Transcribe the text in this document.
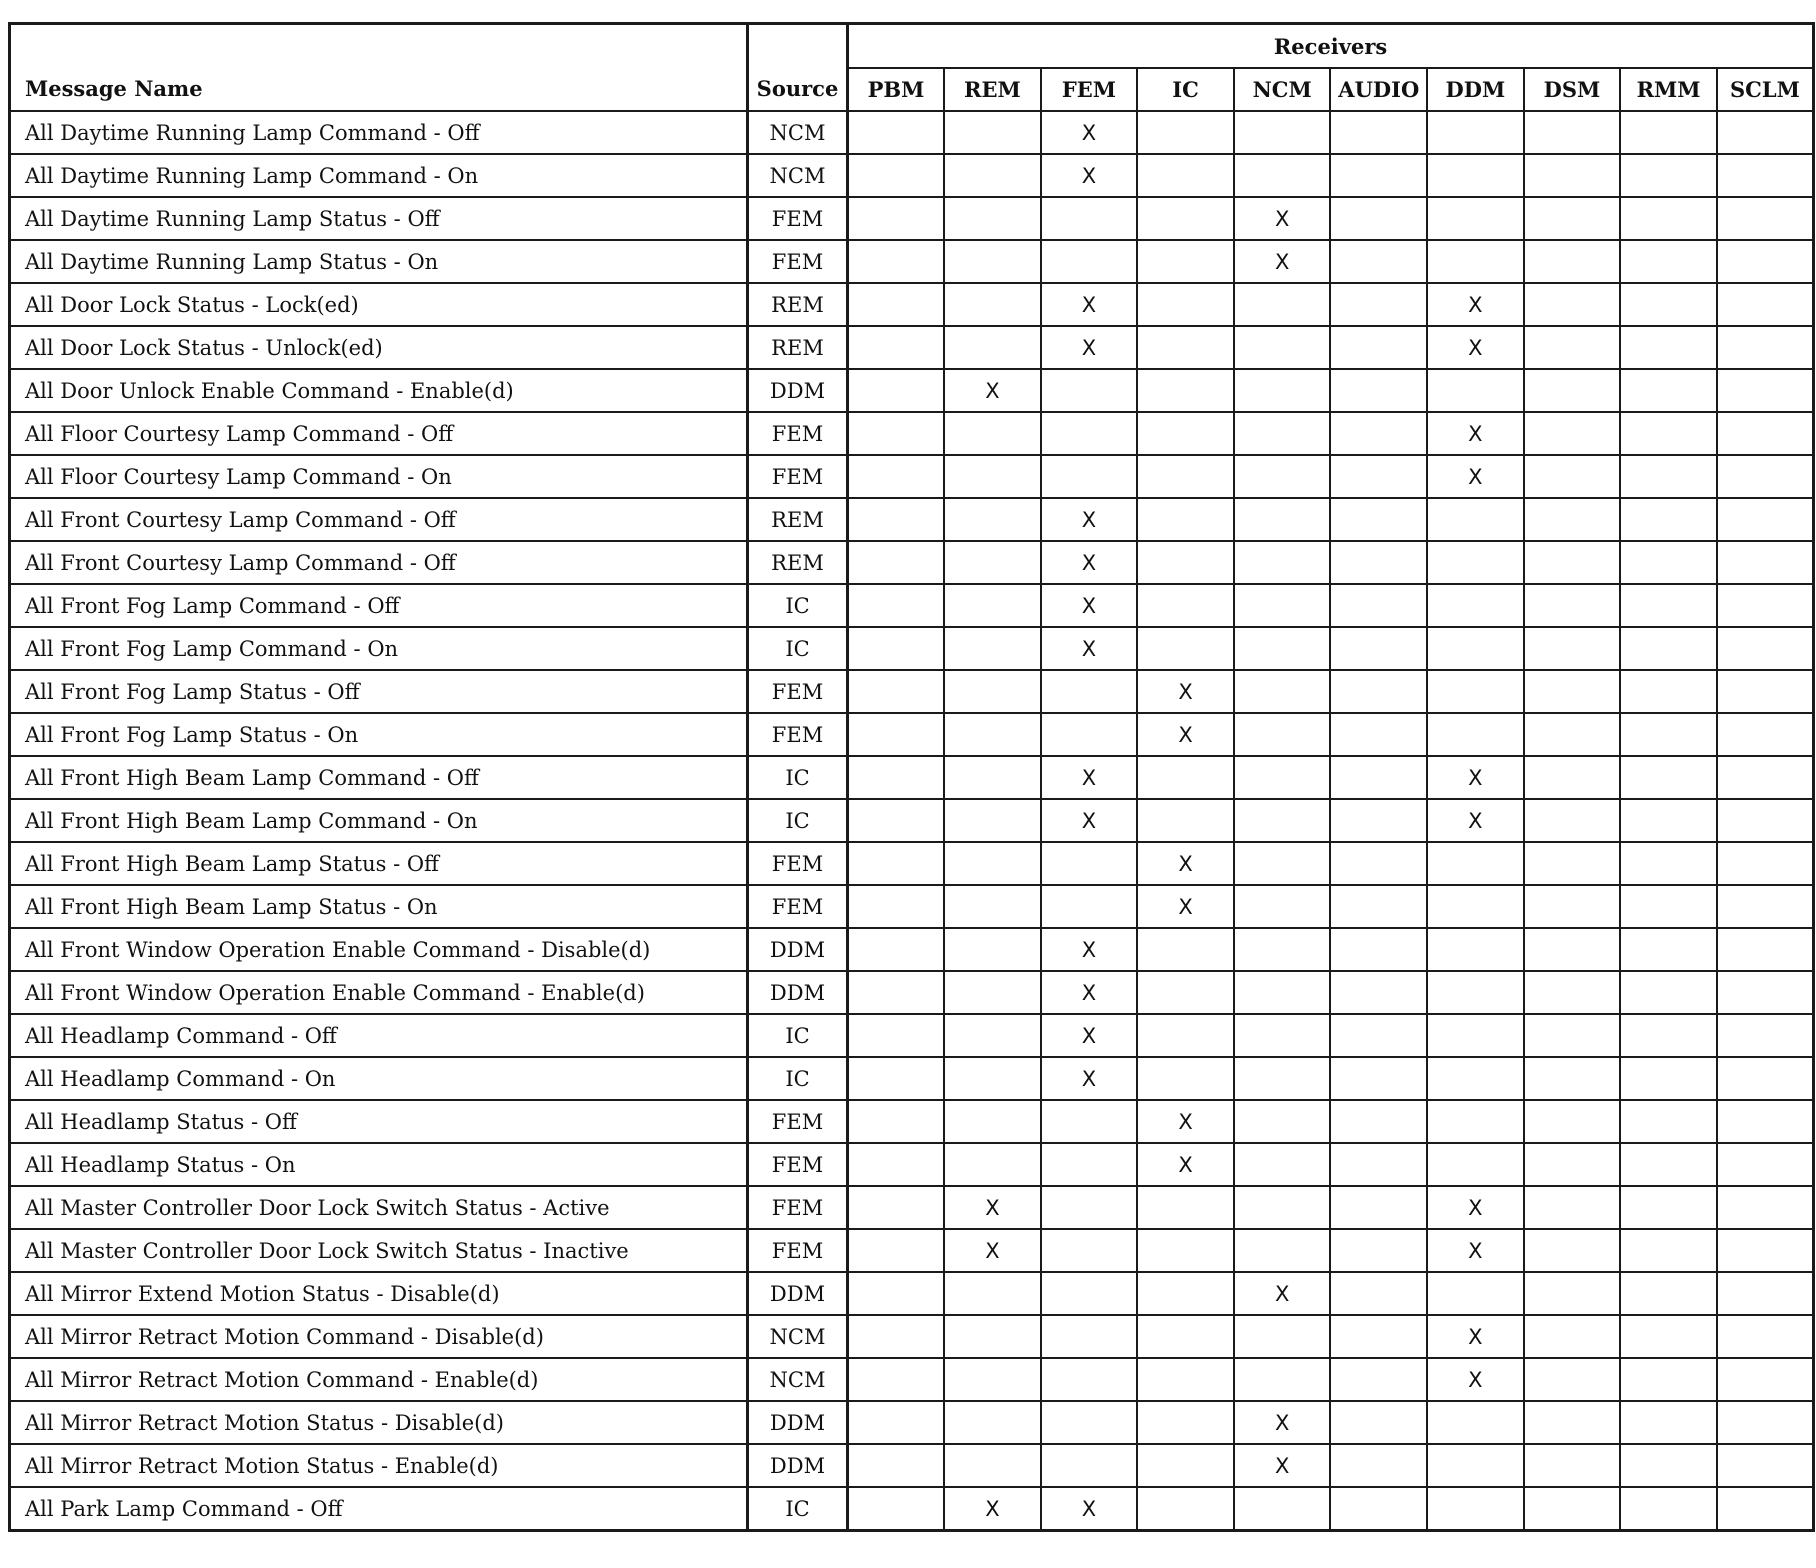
Message Name	Source	Receivers									
		PBM	REM	FEM	IC	NCM	AUDIO	DDM	DSM	RMM	SCLM
All Daytime Running Lamp Command - Off	NCM			X							
All Daytime Running Lamp Command - On	NCM			X							
All Daytime Running Lamp Status - Off	FEM					X					
All Daytime Running Lamp Status - On	FEM					X					
All Door Lock Status - Lock(ed)	REM			X				X			
All Door Lock Status - Unlock(ed)	REM			X				X			
All Door Unlock Enable Command - Enable(d)	DDM		X								
All Floor Courtesy Lamp Command - Off	FEM							X			
All Floor Courtesy Lamp Command - On	FEM							X			
All Front Courtesy Lamp Command - Off	REM			X							
All Front Courtesy Lamp Command - Off	REM			X							
All Front Fog Lamp Command - Off	IC			X							
All Front Fog Lamp Command - On	IC			X							
All Front Fog Lamp Status - Off	FEM				X						
All Front Fog Lamp Status - On	FEM				X						
All Front High Beam Lamp Command - Off	IC			X				X			
All Front High Beam Lamp Command - On	IC			X				X			
All Front High Beam Lamp Status - Off	FEM				X						
All Front High Beam Lamp Status - On	FEM				X						
All Front Window Operation Enable Command - Disable(d)	DDM			X							
All Front Window Operation Enable Command - Enable(d)	DDM			X							
All Headlamp Command - Off	IC			X							
All Headlamp Command - On	IC			X							
All Headlamp Status - Off	FEM				X						
All Headlamp Status - On	FEM				X						
All Master Controller Door Lock Switch Status - Active	FEM		X					X			
All Master Controller Door Lock Switch Status - Inactive	FEM		X					X			
All Mirror Extend Motion Status - Disable(d)	DDM					X					
All Mirror Retract Motion Command - Disable(d)	NCM							X			
All Mirror Retract Motion Command - Enable(d)	NCM							X			
All Mirror Retract Motion Status - Disable(d)	DDM					X					
All Mirror Retract Motion Status - Enable(d)	DDM					X					
All Park Lamp Command - Off	IC		X	X							
